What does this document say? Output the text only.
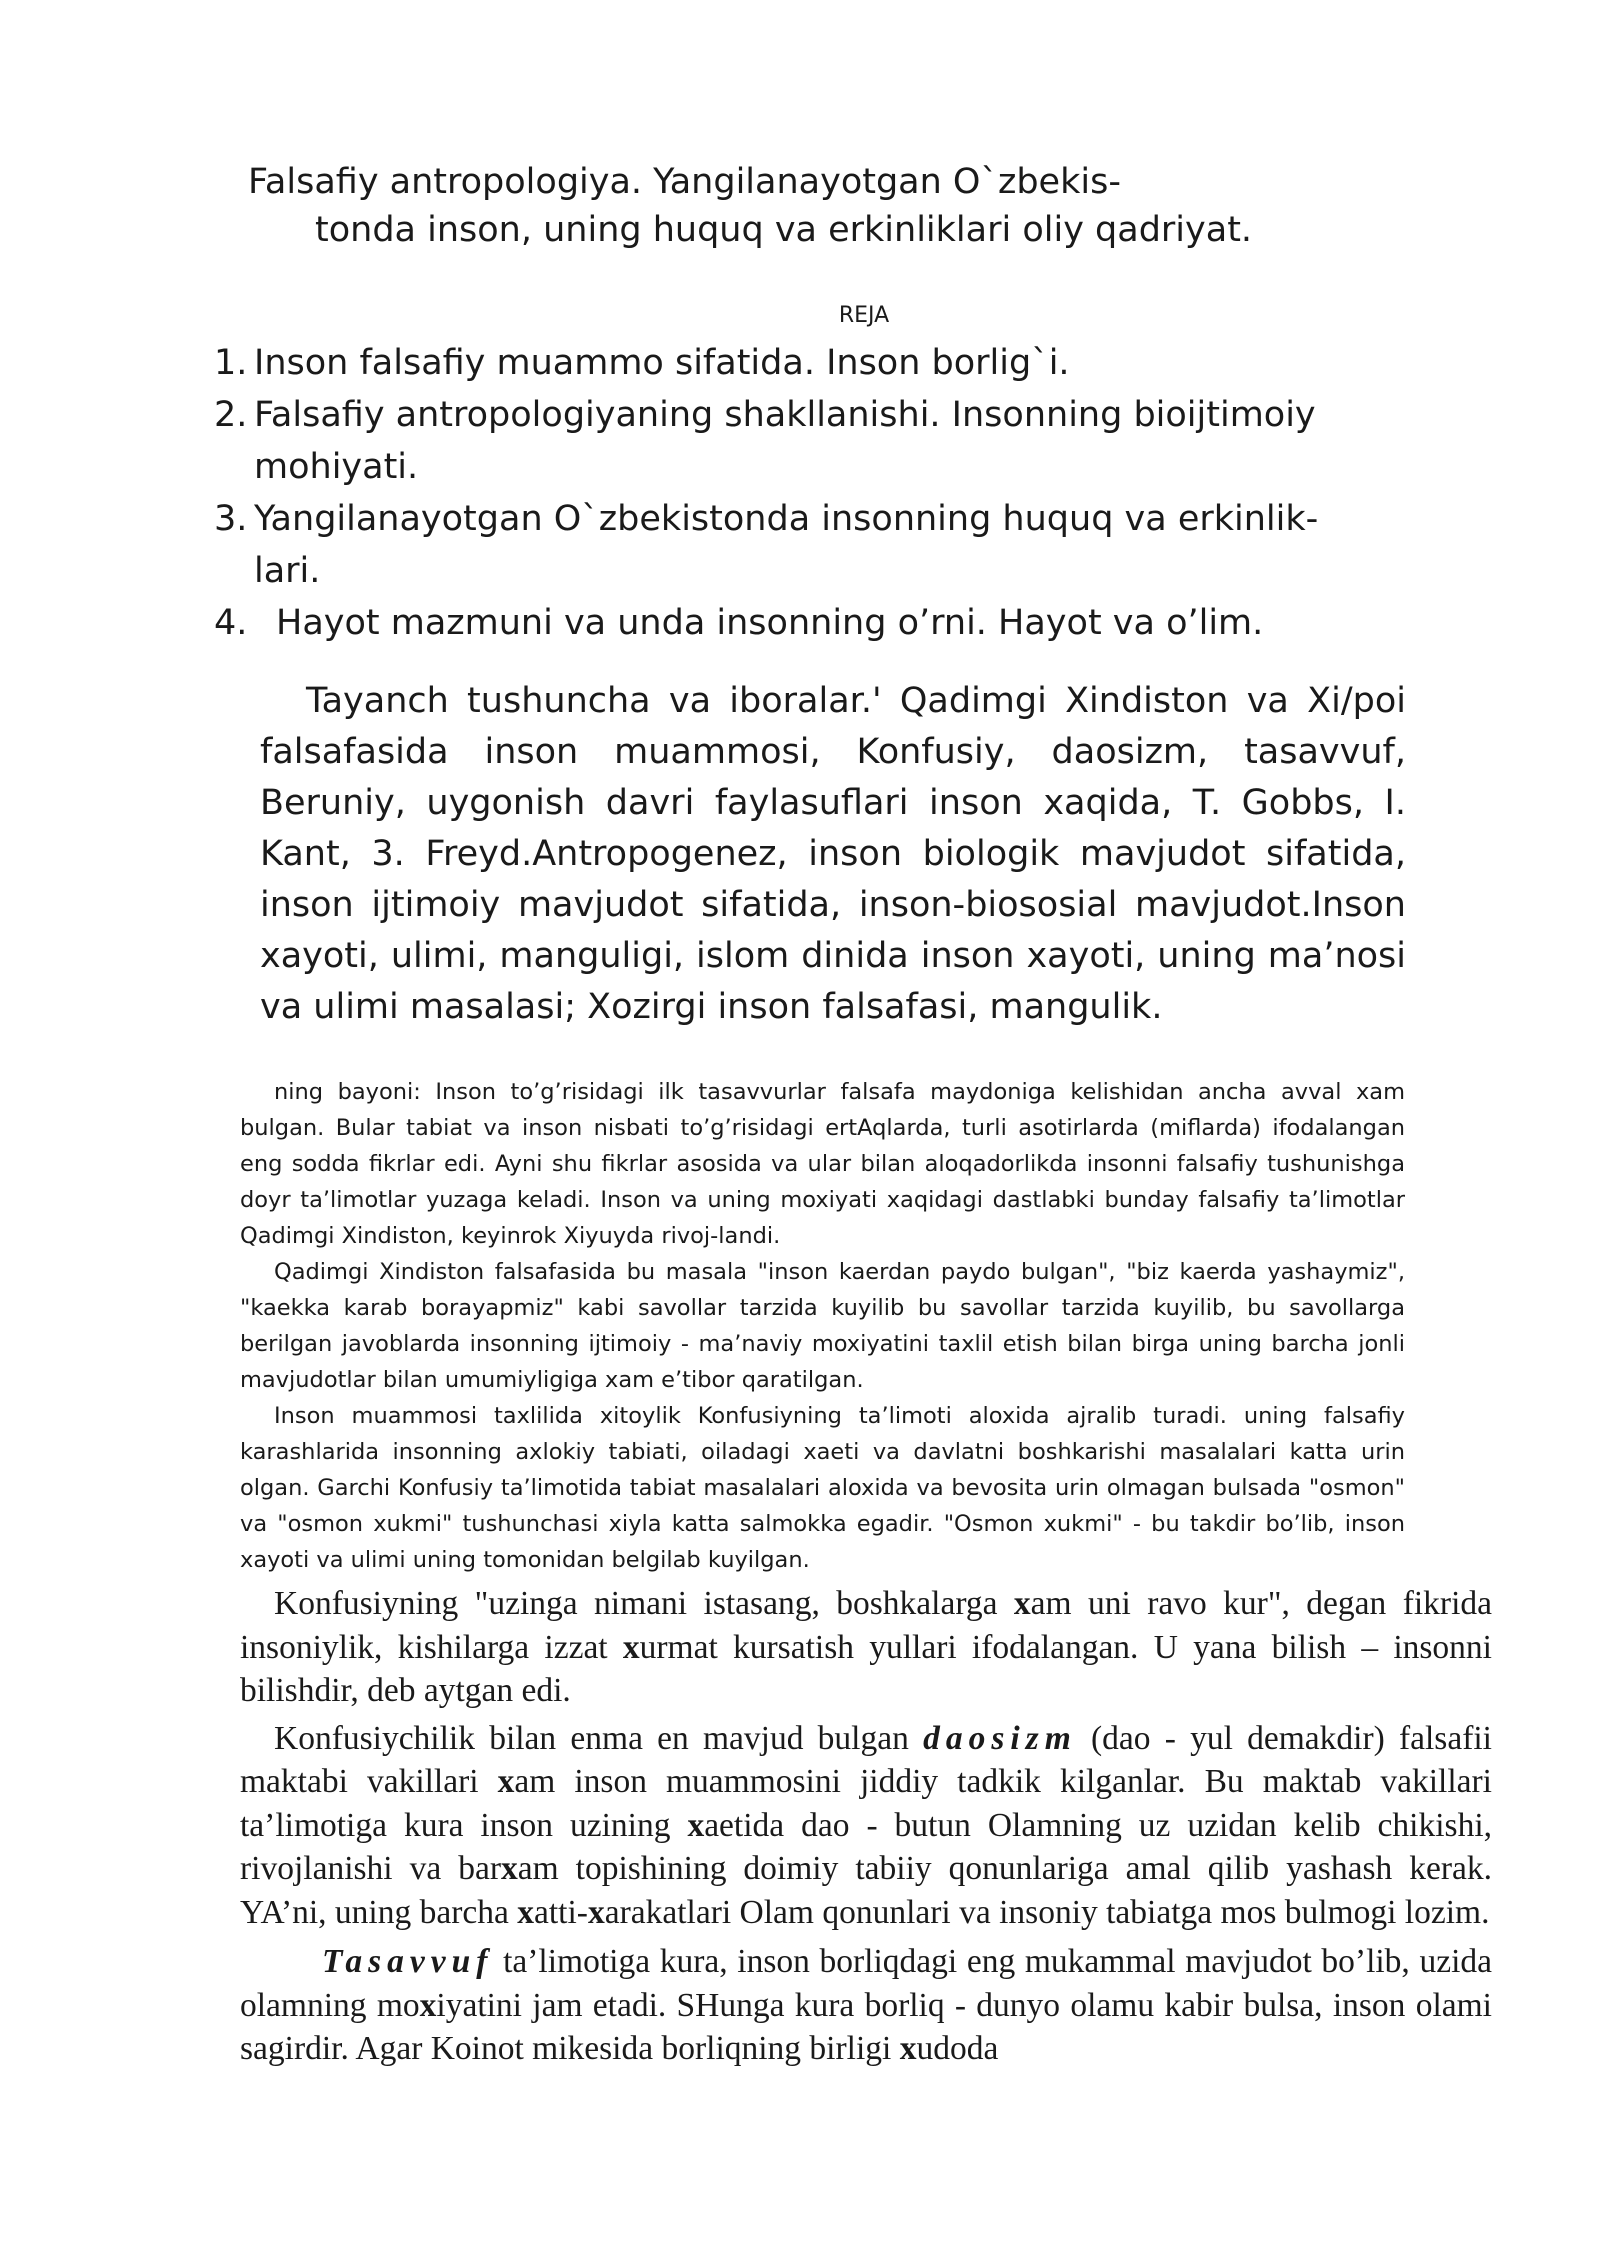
Falsafiy antropologiya. Yangilanayotgan O`zbekis-
tonda inson, uning huquq va erkinliklari oliy qadriyat.
REJA
1. Inson falsafiy muammo sifatida. Inson borlig`i.
2. Falsafiy antropologiyaning shakllanishi. Insonning bioijtimoiy mohiyati.
3. Yangilanayotgan O`zbekistonda insonning huquq va erkinlik-lari.
4. Hayot mazmuni va unda insonning o’rni. Hayot va o’lim.
Tayanch tushuncha va iboralar.' Qadimgi Xindiston va Xi/poi falsafasida inson muammosi, Konfusiy, daosizm, tasavvuf, Beruniy, uygonish davri faylasuflari inson xaqida, T. Gobbs, I. Kant, 3. Freyd.Antropogenez, inson biologik mavjudot sifatida, inson ijtimoiy mavjudot sifatida, inson-biososial mavjudot.Inson xayoti, ulimi, manguligi, islom dinida inson xayoti, uning ma’nosi va ulimi masalasi; Xozirgi inson falsafasi, mangulik.

ning bayoni: Inson to’g’risidagi ilk tasavvurlar falsafa maydoniga kelishidan ancha avval xam bulgan. Bular tabiat va inson nisbati to’g’risidagi ertAqlarda, turli asotirlarda (miflarda) ifodalangan eng sodda fikrlar edi. Ayni shu fikrlar asosida va ular bilan aloqadorlikda insonni falsafiy tushunishga doyr ta’limotlar yuzaga keladi. Inson va uning moxiyati xaqidagi dastlabki bunday falsafiy ta’limotlar Qadimgi Xindiston, keyinrok Xiyuyda rivoj-landi.

Qadimgi Xindiston falsafasida bu masala "inson kaerdan paydo bulgan", "biz kaerda yashaymiz", "kaekka karab borayapmiz" kabi savollar tarzida kuyilib bu savollar tarzida kuyilib, bu savollarga berilgan javoblarda insonning ijtimoiy - ma’naviy moxiyatini taxlil etish bilan birga uning barcha jonli mavjudotlar bilan umumiyligiga xam e’tibor qaratilgan.

Inson muammosi taxlilida xitoylik Konfusiyning ta’limoti aloxida ajralib turadi. uning falsafiy karashlarida insonning axlokiy tabiati, oiladagi xaeti va davlatni boshkarishi masalalari katta urin olgan. Garchi Konfusiy ta’limotida tabiat masalalari aloxida va bevosita urin olmagan bulsada "osmon" va "osmon xukmi" tushunchasi xiyla katta salmokka egadir. "Osmon xukmi" - bu takdir bo’lib, inson xayoti va ulimi uning tomonidan belgilab kuyilgan.

Konfusiyning "uzinga nimani istasang, boshkalarga xam uni ravo kur", degan fikrida insoniylik, kishilarga izzat xurmat kursatish yullari ifodalangan. U yana bilish – insonni bilishdir, deb aytgan edi.

Konfusiychilik bilan enma en mavjud bulgan daosizm (dao - yul demakdir) falsafii maktabi vakillari xam inson muammosini jiddiy tadkik kilganlar. Bu maktab vakillari ta’limotiga kura inson uzining xaetida dao - butun Olamning uz uzidan kelib chikishi, rivojlanishi va barxam topishining doimiy tabiiy qonunlariga amal qilib yashash kerak. YA’ni, uning barcha xatti-xarakatlari Olam qonunlari va insoniy tabiatga mos bulmogi lozim.

Tasavvuf ta’limotiga kura, inson borliqdagi eng mukammal mavjudot bo’lib, uzida olamning moxiyatini jam etadi. SHunga kura borliq - dunyo olamu kabir bulsa, inson olami sagirdir. Agar Koinot mikesida borliqning birligi xudoda
